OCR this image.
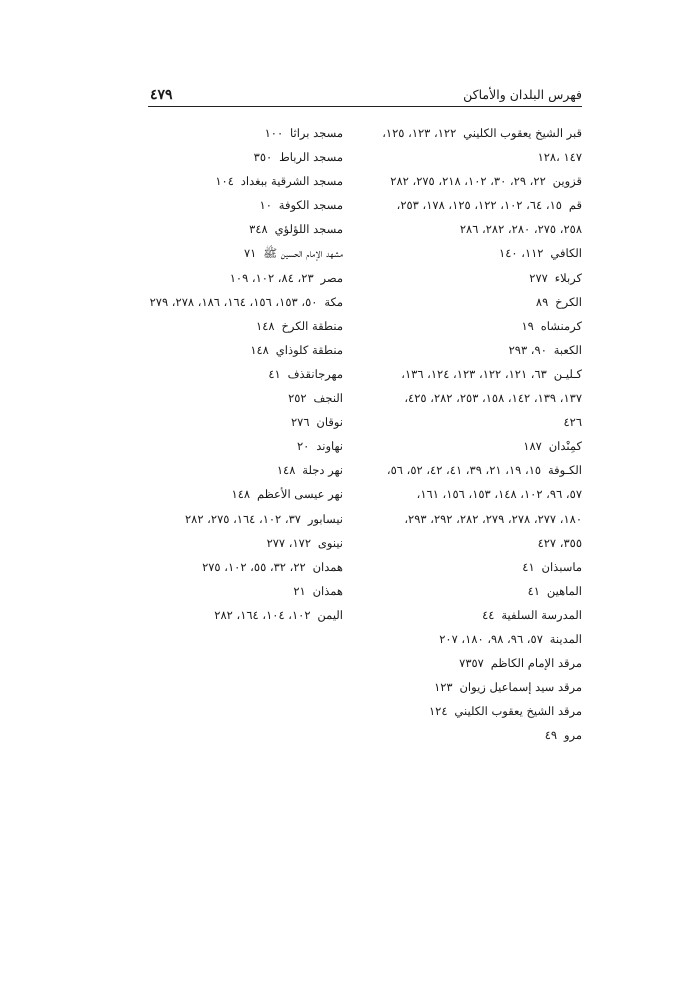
فهرس البلدان والأماكن
٤٧٩
قبر الشيخ يعقوب الكليني١٢٢، ١٢٣، ١٢٥،
١٤٧ ،١٢٨
قزوين٢٢، ٢٩، ٣٠، ١٠٢، ٢١٨، ٢٧٥، ٢٨٢
قم١٥، ٦٤، ١٠٢، ١٢٢، ١٢٥، ١٧٨، ٢٥٣،
٢٥٨، ٢٧٥، ٢٨٠، ٢٨٢، ٢٨٦
الكافي١١٢، ١٤٠
كربلاء٢٧٧
الكرخ٨٩
كرمنشاه١٩
الكعبة٩٠، ٢٩٣
كـليـن٦٣، ١٢١، ١٢٢، ١٢٣، ١٢٤، ١٣٦،
١٣٧، ١٣٩، ١٤٢، ١٥٨، ٢٥٣، ٢٨٢، ٤٢٥،
٤٢٦
كمِنْدان١٨٧
الكـوفة١٥، ١٩، ٢١، ٣٩، ٤١، ٤٢، ٥٢، ٥٦،
٥٧، ٩٦، ١٠٢، ١٤٨، ١٥٣، ١٥٦، ١٦١،
١٨٠، ٢٧٧، ٢٧٨، ٢٧٩، ٢٨٢، ٢٩٢، ٢٩٣،
٣٥٥، ٤٢٧
ماسبذان٤١
الماهين٤١
المدرسة السلفية٤٤
المدينة٥٧، ٩٦، ٩٨، ١٨٠، ٢٠٧
مرقد الإمام الكاظم٧٣٥٧
مرقد سيد إسماعيل زيوان١٢٣
مرقد الشيخ يعقوب الكليني١٢٤
مرو٤٩
مسجد براثا١٠٠
مسجد الرباط٣٥٠
مسجد الشرقية ببغداد١٠٤
مسجد الكوفة١٠
مسجد اللؤلؤي٣٤٨
مشهد الإمام الحسين ﷺ٧١
مصر٢٣، ٨٤، ١٠٢، ١٠٩
مكة٥٠، ١٥٣، ١٥٦، ١٦٤، ١٨٦، ٢٧٨، ٢٧٩
منطقة الكرخ١٤٨
منطقة كلوذاي١٤٨
مهرجانقذف٤١
النجف٢٥٢
نوقان٢٧٦
نهاوند٢٠
نهر دجلة١٤٨
نهر عيسى الأعظم١٤٨
نيسابور٣٧، ١٠٢، ١٦٤، ٢٧٥، ٢٨٢
نينوى١٧٢، ٢٧٧
همدان٢٢، ٣٢، ٥٥، ١٠٢، ٢٧٥
همذان٢١
اليمن١٠٢، ١٠٤، ١٦٤، ٢٨٢
